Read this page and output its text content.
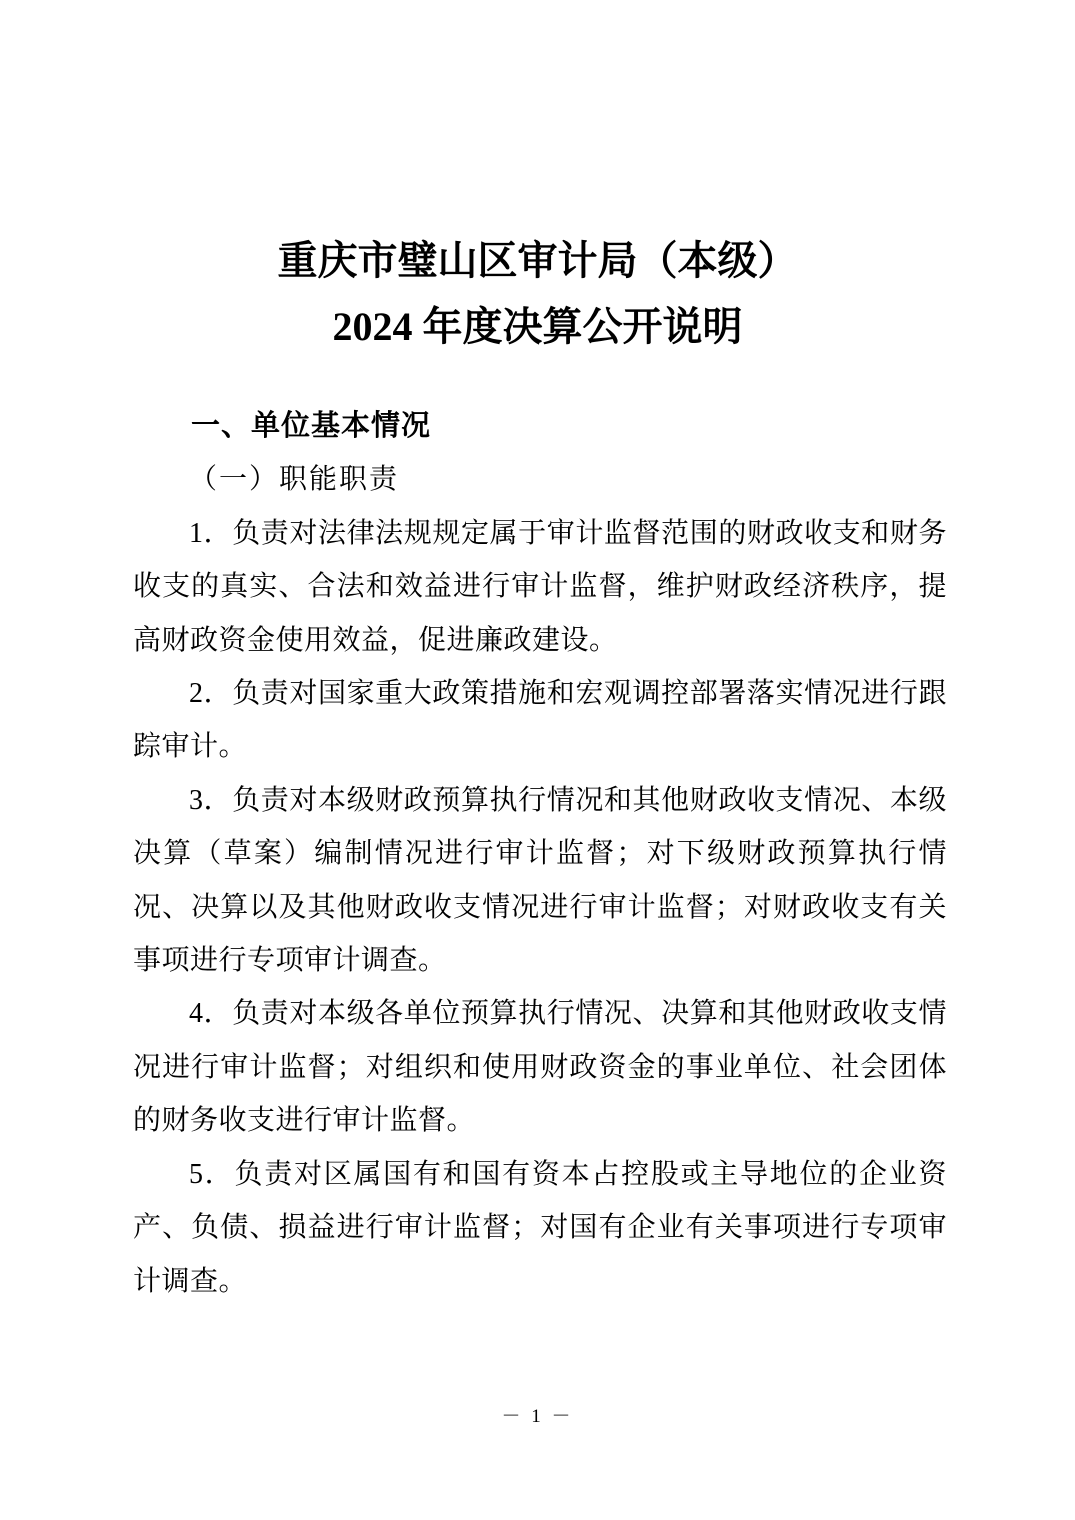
重庆市璧山区审计局（本级）
2024 年度决算公开说明
一、单位基本情况
（一）职能职责

1．负责对法律法规规定属于审计监督范围的财政收支和财务收支的真实、合法和效益进行审计监督，维护财政经济秩序，提高财政资金使用效益，促进廉政建设。

2．负责对国家重大政策措施和宏观调控部署落实情况进行跟踪审计。

3．负责对本级财政预算执行情况和其他财政收支情况、本级决算（草案）编制情况进行审计监督；对下级财政预算执行情况、决算以及其他财政收支情况进行审计监督；对财政收支有关事项进行专项审计调查。

4．负责对本级各单位预算执行情况、决算和其他财政收支情况进行审计监督；对组织和使用财政资金的事业单位、社会团体的财务收支进行审计监督。

5．负责对区属国有和国有资本占控股或主导地位的企业资产、负债、损益进行审计监督；对国有企业有关事项进行专项审计调查。

－ 1 －
